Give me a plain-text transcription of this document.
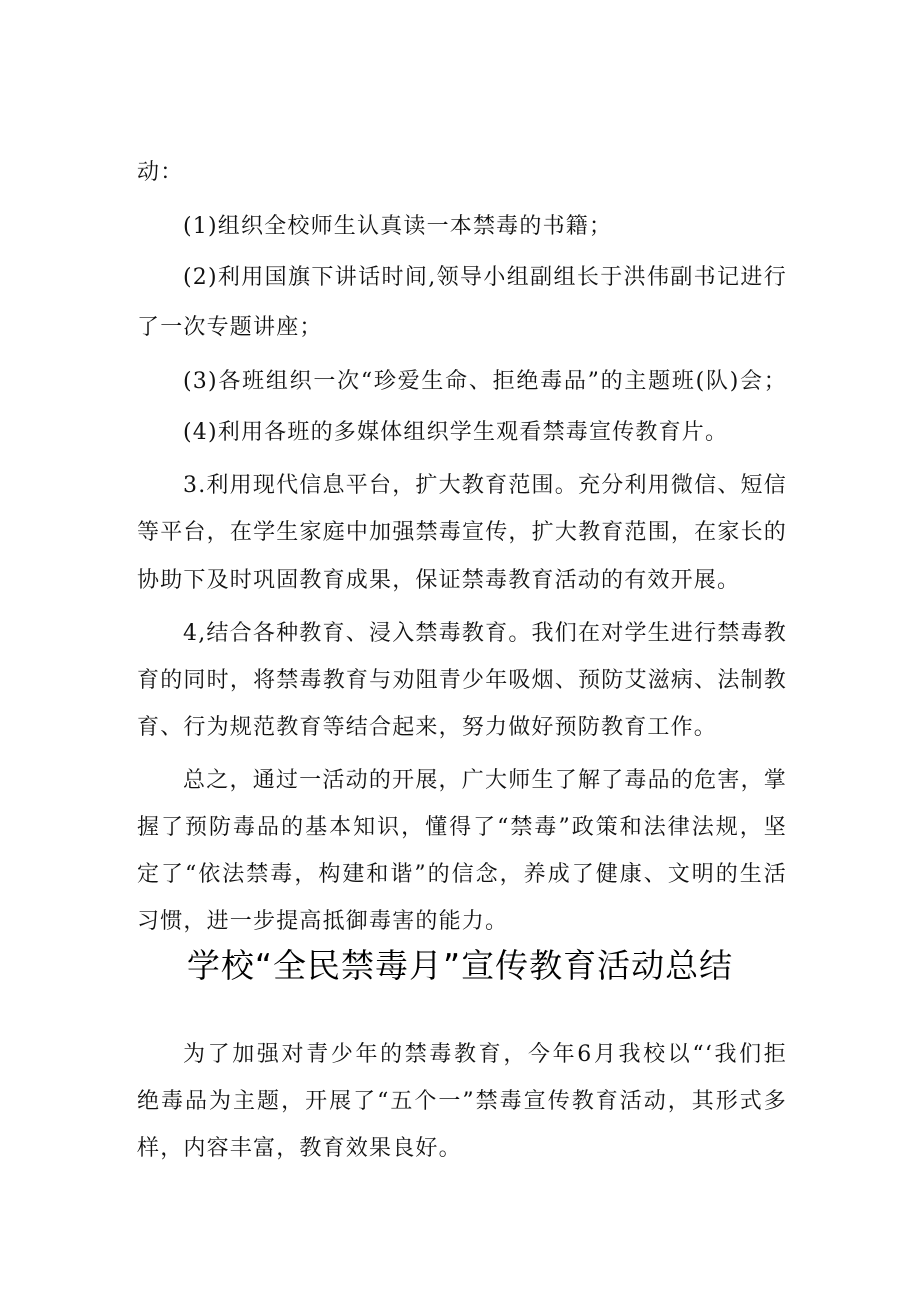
动：
(1)组织全校师生认真读一本禁毒的书籍；
(2)利用国旗下讲话时间,领导小组副组长于洪伟副书记进行
了一次专题讲座；
(3)各班组织一次“珍爱生命、拒绝毒品”的主题班(队)会；
(4)利用各班的多媒体组织学生观看禁毒宣传教育片。
3.利用现代信息平台，扩大教育范围。充分利用微信、短信
等平台，在学生家庭中加强禁毒宣传，扩大教育范围，在家长的
协助下及时巩固教育成果，保证禁毒教育活动的有效开展。
4,结合各种教育、浸入禁毒教育。我们在对学生进行禁毒教
育的同时，将禁毒教育与劝阻青少年吸烟、预防艾滋病、法制教
育、行为规范教育等结合起来，努力做好预防教育工作。
总之，通过一活动的开展，广大师生了解了毒品的危害，掌
握了预防毒品的基本知识，懂得了“禁毒”政策和法律法规，坚
定了“依法禁毒，构建和谐”的信念，养成了健康、文明的生活
习惯，进一步提高抵御毒害的能力。
学校“全民禁毒月”宣传教育活动总结
为了加强对青少年的禁毒教育，今年6月我校以“‘我们拒
绝毒品为主题，开展了“五个一”禁毒宣传教育活动，其形式多
样，内容丰富，教育效果良好。
